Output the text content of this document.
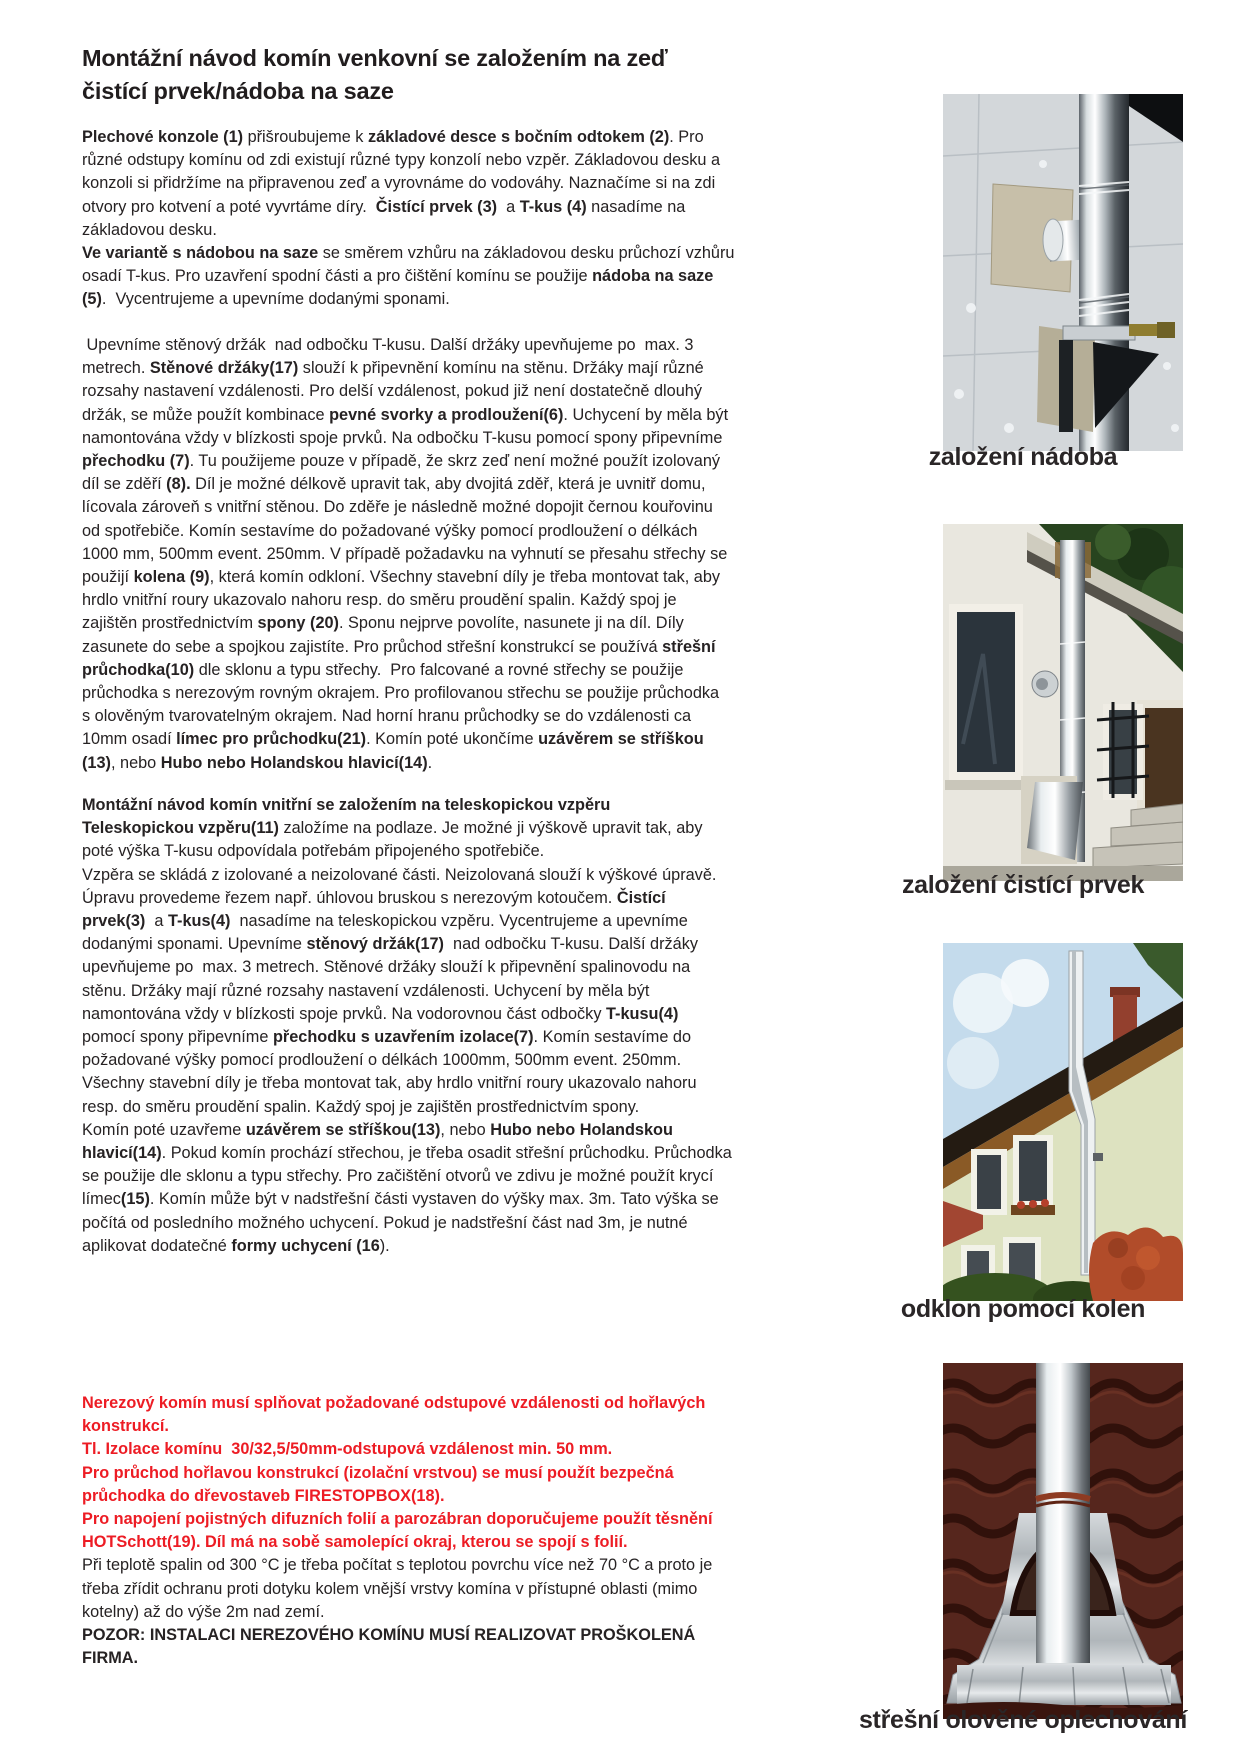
Montážní návod komín venkovní se založením na zeď
čistící prvek/nádoba na saze
Plechové konzole (1) přišroubujeme k základové desce s bočním odtokem (2). Pro
různé odstupy komínu od zdi existují různé typy konzolí nebo vzpěr. Základovou desku a
konzoli si přidržíme na připravenou zeď a vyrovnáme do vodováhy. Naznačíme si na zdi
otvory pro kotvení a poté vyvrtáme díry.  Čistící prvek (3)  a T-kus (4) nasadíme na
základovou desku.
Ve variantě s nádobou na saze se směrem vzhůru na základovou desku průchozí vzhůru
osadí T-kus. Pro uzavření spodní části a pro čištění komínu se použije nádoba na saze
(5).  Vycentrujeme a upevníme dodanými sponami.
Upevníme stěnový držák  nad odbočku T-kusu. Další držáky upevňujeme po  max. 3
metrech. Stěnové držáky(17) slouží k připevnění komínu na stěnu. Držáky mají různé
rozsahy nastavení vzdálenosti. Pro delší vzdálenost, pokud již není dostatečně dlouhý
držák, se může použít kombinace pevné svorky a prodloužení(6). Uchycení by měla být
namontována vždy v blízkosti spoje prvků. Na odbočku T-kusu pomocí spony připevníme
přechodku (7). Tu použijeme pouze v případě, že skrz zeď není možné použít izolovaný
díl se zděří (8). Díl je možné délkově upravit tak, aby dvojitá zděř, která je uvnitř domu,
lícovala zároveň s vnitřní stěnou. Do zděře je následně možné dopojit černou kouřovinu
od spotřebiče. Komín sestavíme do požadované výšky pomocí prodloužení o délkách
1000 mm, 500mm event. 250mm. V případě požadavku na vyhnutí se přesahu střechy se
použijí kolena (9), která komín odkloní. Všechny stavební díly je třeba montovat tak, aby
hrdlo vnitřní roury ukazovalo nahoru resp. do směru proudění spalin. Každý spoj je
zajištěn prostřednictvím spony (20). Sponu nejprve povolíte, nasunete ji na díl. Díly
zasunete do sebe a spojkou zajistíte. Pro průchod střešní konstrukcí se používá střešní
průchodka(10) dle sklonu a typu střechy.  Pro falcované a rovné střechy se použije
průchodka s nerezovým rovným okrajem. Pro profilovanou střechu se použije průchodka
s olověným tvarovatelným okrajem. Nad horní hranu průchodky se do vzdálenosti ca
10mm osadí límec pro průchodku(21). Komín poté ukončíme uzávěrem se stříškou
(13), nebo Hubo nebo Holandskou hlavicí(14).
Montážní návod komín vnitřní se založením na teleskopickou vzpěru
Teleskopickou vzpěru(11) založíme na podlaze. Je možné ji výškově upravit tak, aby
poté výška T-kusu odpovídala potřebám připojeného spotřebiče.
Vzpěra se skládá z izolované a neizolované části. Neizolovaná slouží k výškové úpravě.
Úpravu provedeme řezem např. úhlovou bruskou s nerezovým kotoučem. Čistící
prvek(3)  a T-kus(4)  nasadíme na teleskopickou vzpěru. Vycentrujeme a upevníme
dodanými sponami. Upevníme stěnový držák(17)  nad odbočku T-kusu. Další držáky
upevňujeme po  max. 3 metrech. Stěnové držáky slouží k připevnění spalinovodu na
stěnu. Držáky mají různé rozsahy nastavení vzdálenosti. Uchycení by měla být
namontována vždy v blízkosti spoje prvků. Na vodorovnou část odbočky T-kusu(4)
pomocí spony připevníme přechodku s uzavřením izolace(7). Komín sestavíme do
požadované výšky pomocí prodloužení o délkách 1000mm, 500mm event. 250mm.
Všechny stavební díly je třeba montovat tak, aby hrdlo vnitřní roury ukazovalo nahoru
resp. do směru proudění spalin. Každý spoj je zajištěn prostřednictvím spony.
Komín poté uzavřeme uzávěrem se stříškou(13), nebo Hubo nebo Holandskou
hlavicí(14). Pokud komín prochází střechou, je třeba osadit střešní průchodku. Průchodka
se použije dle sklonu a typu střechy. Pro začištění otvorů ve zdivu je možné použít krycí
límec(15). Komín může být v nadstřešní části vystaven do výšky max. 3m. Tato výška se
počítá od posledního možného uchycení. Pokud je nadstřešní část nad 3m, je nutné
aplikovat dodatečné formy uchycení (16).
Nerezový komín musí splňovat požadované odstupové vzdálenosti od hořlavých
konstrukcí.
Tl. Izolace komínu  30/32,5/50mm-odstupová vzdálenost min. 50 mm.
Pro průchod hořlavou konstrukcí (izolační vrstvou) se musí použít bezpečná
průchodka do dřevostaveb FIRESTOPBOX(18).
Pro napojení pojistných difuzních folií a parozábran doporučujeme použít těsnění
HOTSchott(19). Díl má na sobě samolepící okraj, kterou se spojí s folií.
Při teplotě spalin od 300 °C je třeba počítat s teplotou povrchu více než 70 °C a proto je
třeba zřídit ochranu proti dotyku kolem vnější vrstvy komína v přístupné oblasti (mimo
kotelny) až do výše 2m nad zemí.
POZOR: INSTALACI NEREZOVÉHO KOMÍNU MUSÍ REALIZOVAT PROŠKOLENÁ
FIRMA.
založení nádoba
založení čistící prvek
odklon pomocí kolen
střešní olověné oplechování
